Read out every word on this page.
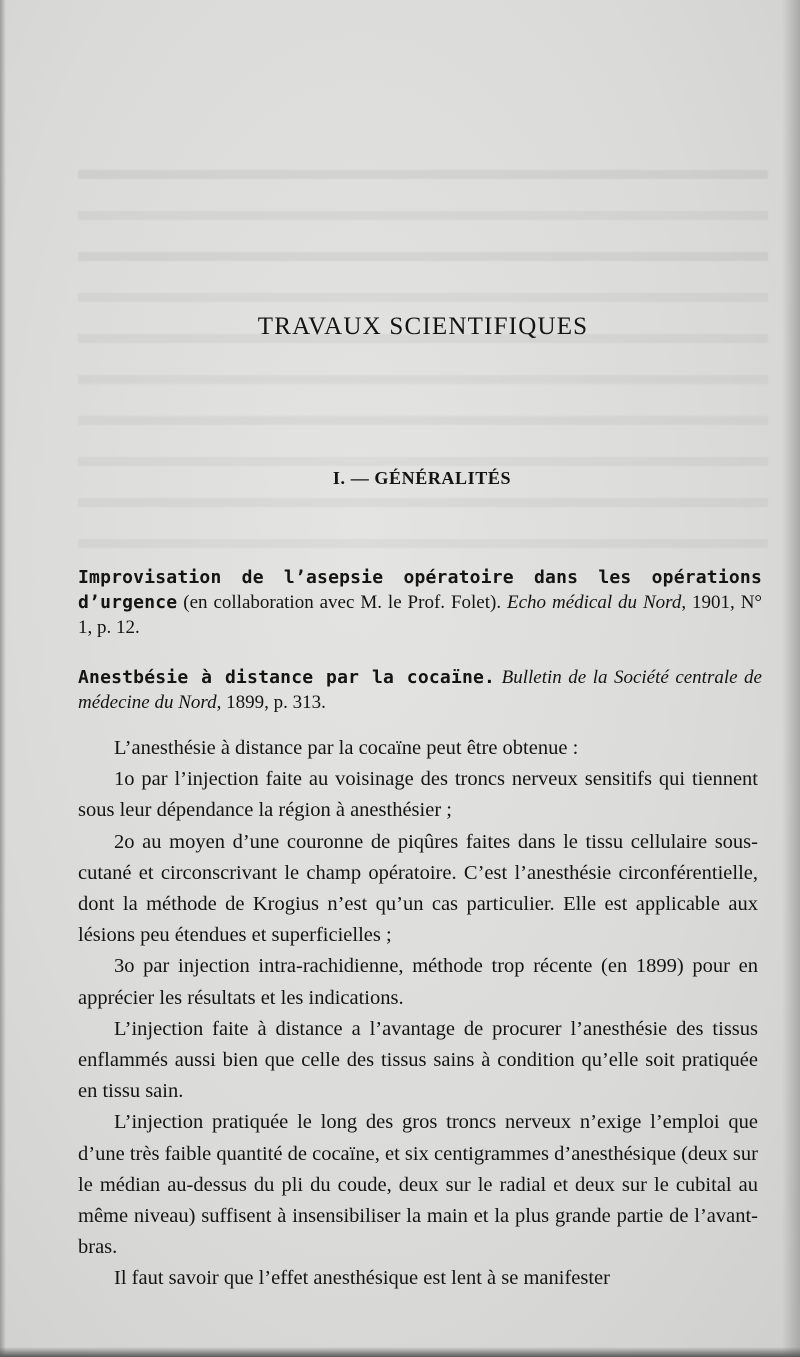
TRAVAUX SCIENTIFIQUES
I. — GÉNÉRALITÉS

Improvisation de l’asepsie opératoire dans les opérations d’urgence (en collaboration avec M. le Prof. Folet). Echo médical du Nord, 1901, N° 1, p. 12.

Anestbésie à distance par la cocaïne. Bulletin de la Société centrale de médecine du Nord, 1899, p. 313.

L’anesthésie à distance par la cocaïne peut être obtenue :

1o par l’injection faite au voisinage des troncs nerveux sensitifs qui tiennent sous leur dépendance la région à anesthésier ;

2o au moyen d’une couronne de piqûres faites dans le tissu cellulaire sous-cutané et circonscrivant le champ opératoire. C’est l’anesthésie circonférentielle, dont la méthode de Krogius n’est qu’un cas particulier. Elle est applicable aux lésions peu étendues et superficielles ;

3o par injection intra-rachidienne, méthode trop récente (en 1899) pour en apprécier les résultats et les indications.

L’injection faite à distance a l’avantage de procurer l’anesthésie des tissus enflammés aussi bien que celle des tissus sains à condition qu’elle soit pratiquée en tissu sain.

L’injection pratiquée le long des gros troncs nerveux n’exige l’emploi que d’une très faible quantité de cocaïne, et six centigrammes d’anesthésique (deux sur le médian au-dessus du pli du coude, deux sur le radial et deux sur le cubital au même niveau) suffisent à insensibiliser la main et la plus grande partie de l’avant-bras.

Il faut savoir que l’effet anesthésique est lent à se manifester
